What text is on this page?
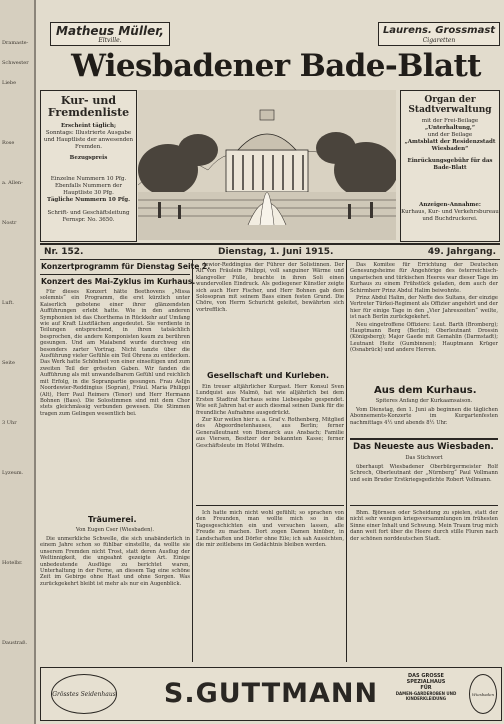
Dramaste-
Schwester
Liebe
Rose
a. Allen-
Nostr
Luft.
Seite
3 Uhr
Lyzeum.
Hotelbr.
Daustraß.
Matheus Müller,
Eltville.
Laurens. Grossmast
Cigaretten
Wiesbadener Bade-Blatt
Kur- und Fremdenliste
Erscheint täglich;
Sonntags: Illustrierte Ausgabe
und Hauptliste der anwesenden Fremden.
Bezugspreis
Einzelne Nummern 10 Pfg.
Ebenfalls Nummern der Hauptliste 30 Pfg.
Tägliche Nummern 10 Pfg.
Schrift- und Geschäftsleitung
Fernspr. No. 3650.
Organ der Stadtverwaltung
mit der Frei-Beilage
„Unterhaltung,“
und der Beilage
„Amtsblatt der Residenzstadt Wiesbaden“
Einrückungsgebühr für das Bade-Blatt
Anzeigen-Annahme:
Kurhaus, Kur- und Verkehrsbureau
und Buchdruckerei.
Nr. 152.	Dienstag, 1. Juni 1915.	49. Jahrgang.
Konzertprogramm für Dienstag Seite 2.
Konzert des Mai-Zyklus im Kurhaus.

Für dieses Konzert hätte Beethovens „Missa solemnis“ ein Programm, die erst kürzlich unter Kaiserlich gebotene einer ihrer glänzendsten Aufführungen erlebt hatte. Wie in den anderen Symphonien ist das Chorthema in Rückkehr auf Umfang wie auf Kraft Lisztflächen angedeutet. Sie verdiente in Teilungen entsprechend, in ihren tatsächlich besprochen, die andere Komponisten kaum zu berühren gesungen. Und am Maiabend wurde durchweg ein besonders zarter Vortrag. Nicht tanzte über die Ausführung vieler Gefühle ein Teil Ohrens zu entdecken. Das Werk hatte Schönheit von einer einseitigen und zum zweiten Teil der grössten Gaben. Wir fanden die Aufführung als mit unwandelbarem Gefühl und reichlich mit Erfolg, in die Sopranpartie gesungen. Frau Aslijn Noordewier-Reddingius (Sopran), Fräul. Maria Philippi (Alt), Herr Paul Reimers (Tenor) und Herr Hermann Bohnen (Bass). Die Solostimmen sind mit dem Chor stets gleichmässig verbunden gewesen. Die Stimmen tragen zum Gelingen wesentlich bei.

Träumerei.
Von Eugen Cser (Wiesbaden).

Die unmerkliche Schwelle, die sich unabänderlich in einem Jahre schon so fühlbar einstellte, da wollte sie unserem Fremden nicht Trost, statt deren Ausflug der Weltinnigkeit, die ungeahnt gezeigte Art. Einige unbedeutende Ausflüge zu berichtet waren, Unterhaltung in der Ferne, an diesem Tag eine schöne Zeit im Gebirge ohne Hast und ohne Sorgen. Was zurückgekehrt bleibt ist mehr als nur ein Augenblick.

dewior-Reddingius der Führer der Solistinnen. Der Alt von Fräulein Philippi, voll sanguiner Wärme und klangvoller Fülle, brachte in ihren Soli einen wundervollen Eindruck. Als gediegener Künstler zeigte sich auch Herr Fischer, und Herr Bohnen gab dem Solosopran mit seinem Bass einen festen Grund. Die Chöre, von Herrn Schuricht geleitet, bewährten sich vortrefflich.

Gesellschaft und Kurleben.

Ein treuer altjährlicher Kurgast. Herr Konsul Sven Lundquist aus Malmö, hat wie alljährlich bei dem Ersten Stadtrat Kurhaus seine Liebesgabe gespendet. Wie seit Jahren hat er auch diesmal seinen Dank für die freundliche Aufnahme ausgedrückt.

Zur Kur weilen hier u. a. Graf v. Rothenberg, Mitglied des Abgeordnetenhauses, aus Berlin; ferner Generalleutnant von Bismarck aus Ansbach; Familie aus Viersen, Besitzer der bekannten Kasse; ferner Geschäftsleute im Hotel Wilhelm.

Ich hatte mich nicht wohl gefühlt; so sprachen von den Freunden, man wollte mich so in die Tagesgeschichten ein und versuchen lassen, alle Freude zu machen. Dort zogen Damen hinüber, in Landschaften und Dörfer ohne Eile; ich sah Aussichten, die mir zeitlebens im Gedächtnis bleiben werden.

Das Komitee für Errichtung der Deutschen Genesungsheime für Angehörige des österreichisch-ungarischen und türkischen Heeres war dieser Tage im Kurhaus zu einem Frühstück geladen, dem auch der Schirmherr Prinz Abdul Halim beiwohnte.

Prinz Abdul Halim, der Neffe des Sultans, der einzige Vertreter Türkei-Regiment als Offizier angehört und der hier für einige Tage in den „Vier Jahreszeiten“ weilte, ist nach Berlin zurückgekehrt.

Neu eingetroffene Offiziere: Leut. Barth (Bromberg); Hauptmann Berg (Berlin); Oberleutnant Drossin (Königsberg); Major Gaede mit Gemahlin (Darmstadt); Leutnant Heitz (Gumbinnen); Hauptmann Krüger (Osnabrück) und andere Herren.

Aus dem Kurhaus.
Spiteres Anfang der Kurkaamsaison.

Vom Dienstag, den 1. Juni ab beginnen die täglichen Abonnements-Konzerte im Kurgartenfesten nachmittags 4½ und abends 8½ Uhr.

Das Neueste aus Wiesbaden.
Das Stichwort

überhaupt Wiesbadener Oberbürgermeister Rolf Schrech, Oberleutnant der „Nürnberg“ Paul Vollmann und sein Bruder Erstkriegsgedichte Robert Vollmann.

Bhm. Björnsen oder Scheidung zu spielen, statt der nicht sehr wenigen kriegsversammlungen im frühesten Sinne einer Inhalt und Schwung. Mein Traum trug mich dann weit fort über die Heere durch stille Fluren nach der schönen norddeutschen Stadt.

Grösstes Seidenhaus S.GUTTMANN
DAS GROSSE
SPEZIALHAUS
FÜR
DAMEN-GARDEROBEN UND KINDERKLEIDUNG
Wiesbaden
